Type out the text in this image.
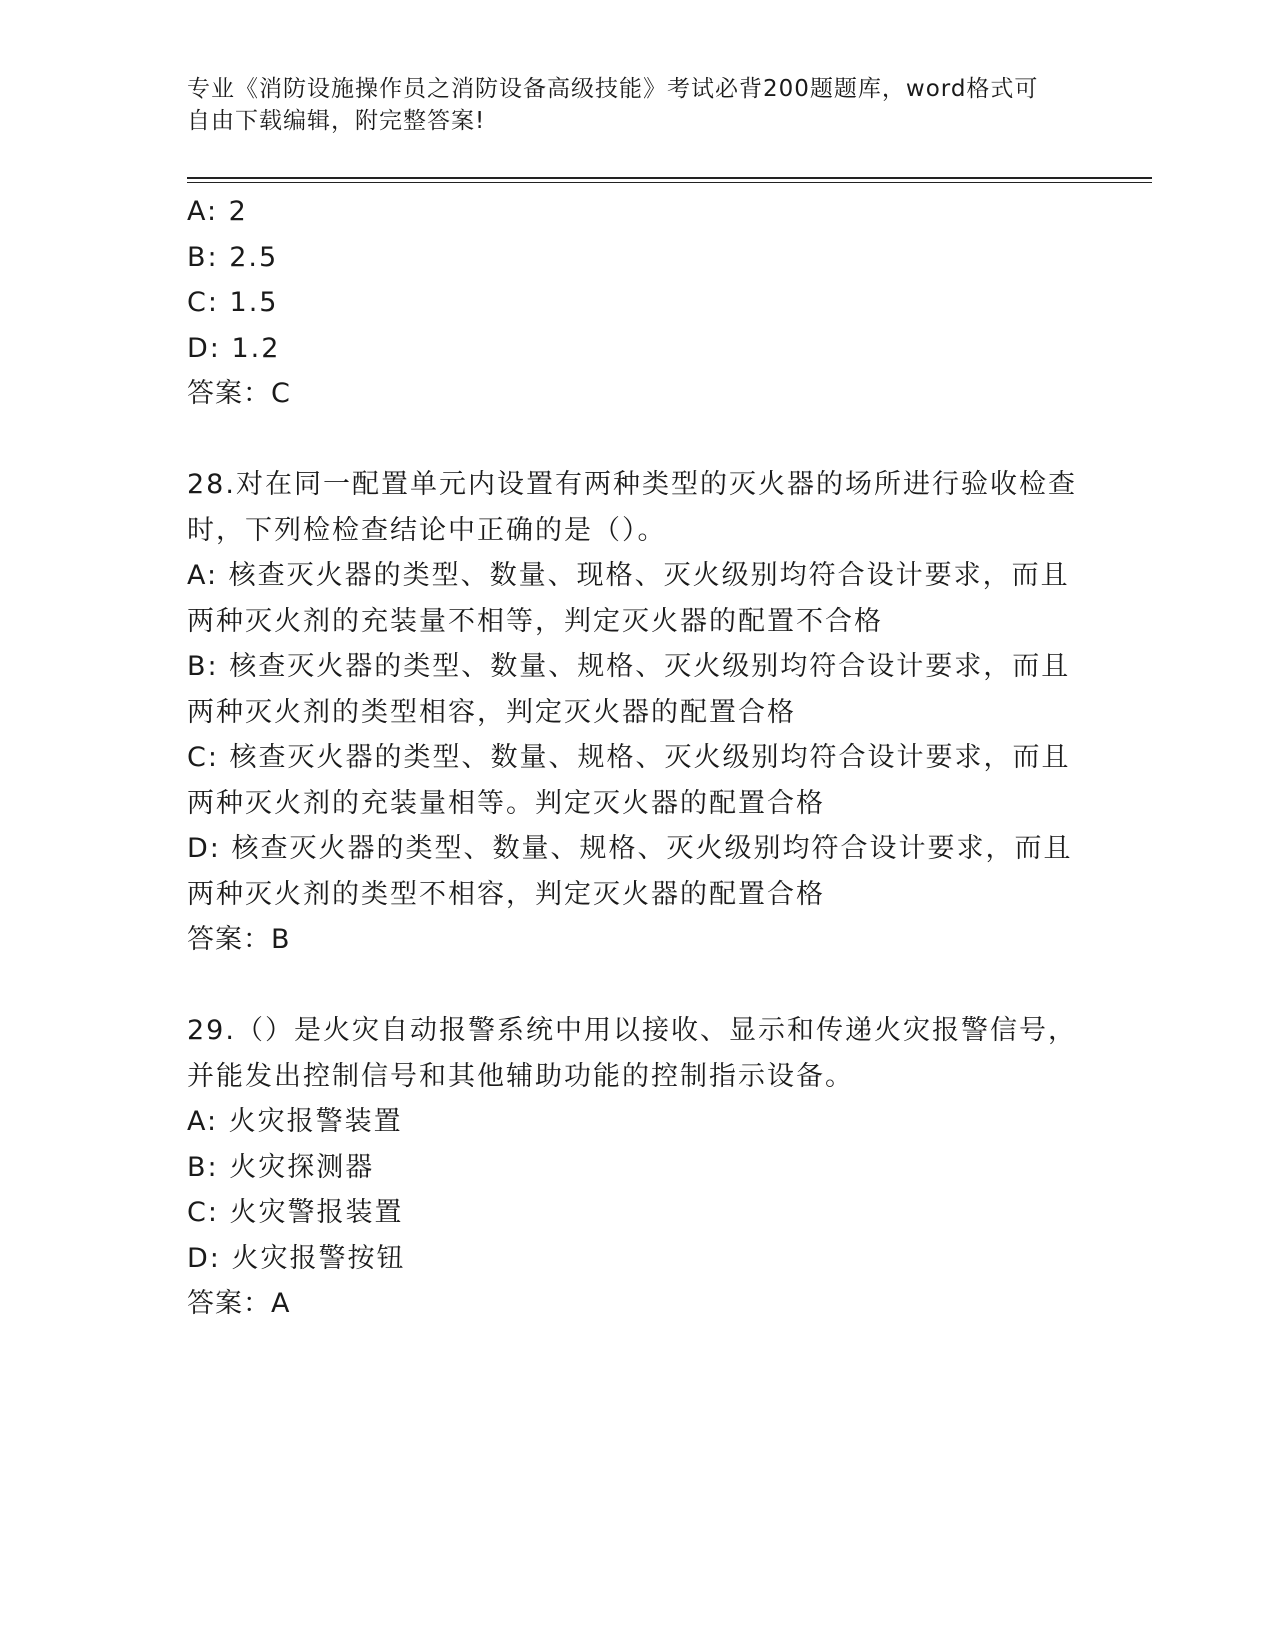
专业《消防设施操作员之消防设备高级技能》考试必背200题题库，word格式可
自由下载编辑，附完整答案!
A: 2
B: 2.5
C: 1.5
D: 1.2
答案：C
28.对在同一配置单元内设置有两种类型的灭火器的场所进行验收检查
时，下列检检查结论中正确的是（）。
A: 核查灭火器的类型、数量、现格、灭火级别均符合设计要求，而且
两种灭火剂的充装量不相等，判定灭火器的配置不合格
B: 核查灭火器的类型、数量、规格、灭火级别均符合设计要求，而且
两种灭火剂的类型相容，判定灭火器的配置合格
C: 核查灭火器的类型、数量、规格、灭火级别均符合设计要求，而且
两种灭火剂的充装量相等。判定灭火器的配置合格
D: 核查灭火器的类型、数量、规格、灭火级别均符合设计要求，而且
两种灭火剂的类型不相容，判定灭火器的配置合格
答案：B
29.（）是火灾自动报警系统中用以接收、显示和传递火灾报警信号，
并能发出控制信号和其他辅助功能的控制指示设备。
A: 火灾报警装置
B: 火灾探测器
C: 火灾警报装置
D: 火灾报警按钮
答案：A
